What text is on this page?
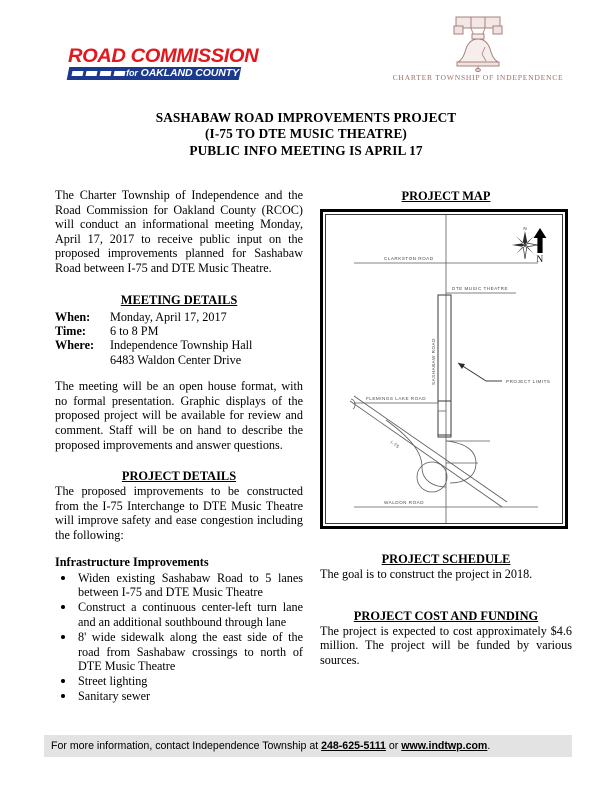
ROAD COMMISSION
for OAKLAND COUNTY	CHARTER TOWNSHIP OF INDEPENDENCE
SASHABAW ROAD IMPROVEMENTS PROJECT
(I-75 TO DTE MUSIC THEATRE)
PUBLIC INFO MEETING IS APRIL 17

The Charter Township of Independence and the Road Commission for Oakland County (RCOC) will conduct an informational meeting Monday, April 17, 2017 to receive public input on the proposed improvements planned for Sashabaw Road between I-75 and DTE Music Theatre.

MEETING DETAILS

When:	Monday, April 17, 2017
Time:	6 to 8 PM
Where:	Independence Township Hall
	6483 Waldon Center Drive

The meeting will be an open house format, with no formal presentation. Graphic displays of the proposed project will be available for review and comment. Staff will be on hand to describe the proposed improvements and answer questions.

PROJECT DETAILS

The proposed improvements to be constructed from the I-75 Interchange to DTE Music Theatre will improve safety and ease congestion including the following:

Infrastructure Improvements

• Widen existing Sashabaw Road to 5 lanes between I-75 and DTE Music Theatre
• Construct a continuous center-left turn lane and an additional southbound through lane
• 8' wide sidewalk along the east side of the road from Sashabaw crossings to north of DTE Music Theatre
• Street lighting
• Sanitary sewer

PROJECT MAP

CLARKSTON ROAD
DTE MUSIC THEATRE
SASHABAW ROAD	PROJECT LIMITS
FLEMINGS LAKE ROAD
I-75
WALDON ROAD
N
N

PROJECT SCHEDULE

The goal is to construct the project in 2018.

PROJECT COST AND FUNDING

The project is expected to cost approximately $4.6 million. The project will be funded by various sources.

For more information, contact Independence Township at 248-625-5111 or www.indtwp.com.
